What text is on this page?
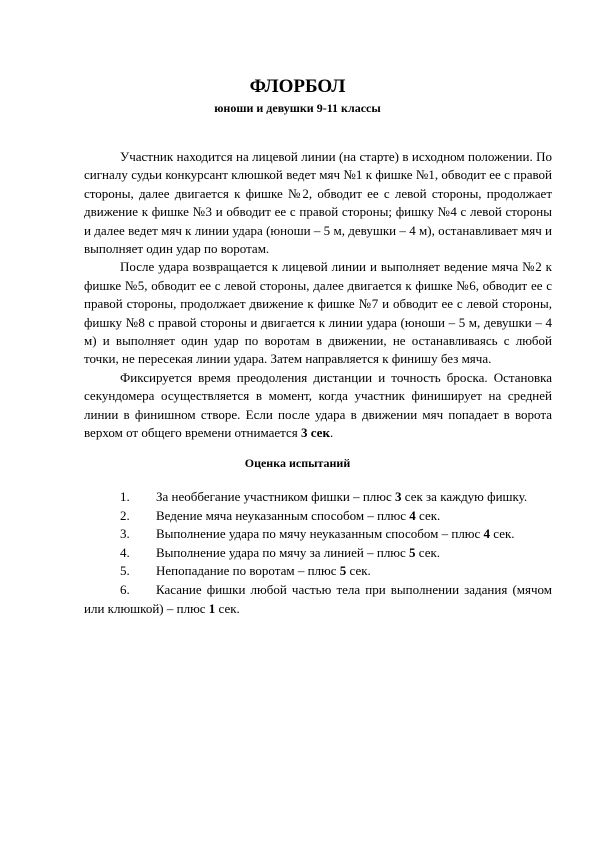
ФЛОРБОЛ
юноши и девушки 9-11 классы

Участник находится на лицевой линии (на старте) в исходном положении. По сигналу судьи конкурсант клюшкой ведет мяч №1 к фишке №1, обводит ее с правой стороны, далее двигается к фишке №2, обводит ее с левой стороны, продолжает движение к фишке №3 и обводит ее с правой стороны; фишку №4 с левой стороны и далее ведет мяч к линии удара (юноши – 5 м, девушки – 4 м), останавливает мяч и выполняет один удар по воротам.

После удара возвращается к лицевой линии и выполняет ведение мяча №2 к фишке №5, обводит ее с левой стороны, далее двигается к фишке №6, обводит ее с правой стороны, продолжает движение к фишке №7 и обводит ее с левой стороны, фишку №8 с правой стороны и двигается к линии удара (юноши – 5 м, девушки – 4 м) и выполняет один удар по воротам в движении, не останавливаясь с любой точки, не пересекая линии удара. Затем направляется к финишу без мяча.

Фиксируется время преодоления дистанции и точность броска. Остановка секундомера осуществляется в момент, когда участник финиширует на средней линии в финишном створе. Если после удара в движении мяч попадает в ворота верхом от общего времени отнимается 3 сек.

Оценка испытаний
1. За необбегание участником фишки – плюс 3 сек за каждую фишку.
2. Ведение мяча неуказанным способом – плюс 4 сек.
3. Выполнение удара по мячу неуказанным способом – плюс 4 сек.
4. Выполнение удара по мячу за линией – плюс 5 сек.
5. Непопадание по воротам – плюс 5 сек.
6. Касание фишки любой частью тела при выполнении задания (мячом или клюшкой) – плюс 1 сек.
